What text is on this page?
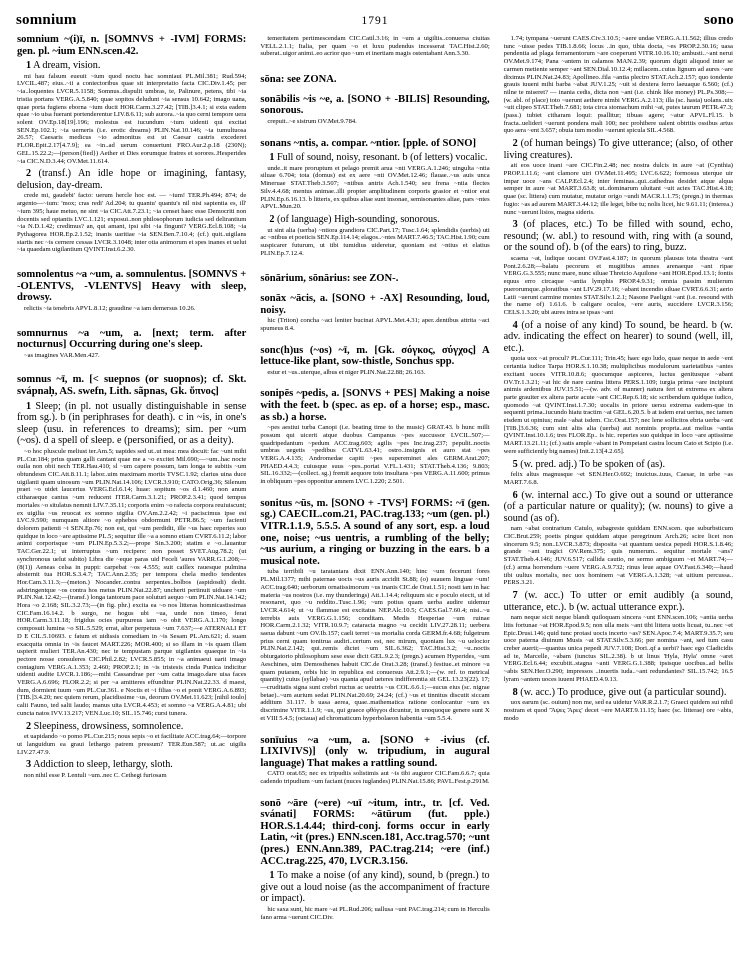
somnium	1791	sono

somnium ~(i)ī, n. [SOMNVS + -IVM] FORMS: gen. pl. ~ium ENN.scen.42.

1 A dream, vision.

mi hau falsum eueuit ~ium quod noctu hac somniaui PL.Mil.381; Rud.594; LVCIL.487; eius..~ii a coniectoribus quae sit interpretatio facta CIC.Div.1.45; per ~ia..loquentes LVCR.5.1158; Somnus..dispulit umbras, te, Palinure, petens, tibi ~ia tristia portans VERG.A.5.840; quae sopitos deludunt ~ia sensus 10.642; imago uana, quae porta fugiens eborna ~ium ducit HOR.Carm.3.27.42; [TIB.]3.4.1; si exta eadem quae ~io uisa fuerant portenderentur LIV.8.6.11; sub aurora..~ia quo cerni tempore uera solent OV.Ep.18[19].196; molestus est iucundum ~ium uidenti qui excitat SEN.Ep.102.1; ~ia uerneris (i.e. erotic dreams) PLIN.Nat.10.146; ~ia tumultuosa 26.57; Caesaris medicus ~io admonitus est ut Caesar castris excederet FLOR.Epit.2.17[4.7.9]; ea ~in..ad uerum conuertunt FRO.Aur.2.p.18 (230N); GEL.15.22.2;—(person{fied}) Aether et Dies eorumque fratres et sorores..Hesperides ~ia CIC.N.D.3.44; OV.Met.11.614.

2 (transf.) An idle hope or imagining, fantasy, delusion, day-dream.

crede mi, gaudebi' facto: uerum hercle hoc est. — ~ium! TER.Ph.494; 874; de argento—~ium: 'mox; cras redi' Ad.204; tu quantu' quantu's nil nisi sapientia es, ill' ~ium 395; haue metuo, ne sint ~ia CIC.Att.7.23.1; ~ia censet haec esse Democriti non docentis sed optantis LVC.1.121; exposui..non philosophorum iudicia sed delirantium ~ia N.D.1.42; credimus? an, qui amant, ipsi sibi ~ia fingunt? VERG.Ecl.8.108; ~ia Pythagorea HOR.Ep.2.1.52; inanis uaritiae ~ia SEN.Ben.7.10.4; (cf.) quit..uigilans startis nec ~is cernere cessas LVCR.3.1048; inter otia animorum et spes inanes et uelut ~ia quaedam uigilantium QVINT.Inst.6.2.30.

somnolentus ~a ~um, a. somnulentus. [SOMNVS + -OLENTVS, -VLENTVS] Heavy with sleep, drowsy.

relictis ~ia tenebris APVL.8.12; graudine ~a iam demersus 10.26.

somnurnus ~a ~um, a. [next; term. after nocturnus] Occurring during one's sleep.

~as imagines VAR.Men.427.

somnus ~ī, m. [< suepnos (or suopnos); cf. Skt. svápnaḥ, AS. swefn, Lith. sãpnas, Gk. ὕπνος]

1 Sleep; (in pl. not usually distinguishable in sense from sg.). b (in periphrases for death). c in ~is, in one's sleep (usu. in references to dreams); sim. per ~um (~os). d a spell of sleep. e (personified, or as a deity).

~o hoc pluscule meliust ter.Am.5; uapides sed ut..ut mea: mea docuit: fac ~unt mihi PL.Cur.184; prius quam galli cantant quae me a ~o excitet Mil.690;—~um..hac nocte ouila non obii nech TER.Hau.410; sl ~um capere possum, tam longa te subitis ~um obtundesm CIC.Att.8.11.1; labor..uim maximam mortis TVSC.1.92; clarius uina duce uigilanti quam uinosum ~um PLIN.Nat.14.106; LVCR.3.910; CATO.Orig.36; Silenum praet ~o uidet laucerius VERG.Ecl.6.14; huae: sopitum ~os d.1.460; non anum citharaeque cantus ~um reducent ITER.Carm.3.1.21; PROP.2.3.41; quod tempus mortales ~o situlatus nemnit LIV.7.35.11; corporis enim ~o rafecta corpora reuiuiscunt; ex uigilia ~us reuocat ex somno uigilia OV.Am.2.2.42; ~i paciscimus ipse est LVC.9.590; numquam altiore ~o ephebos obdormunt PETR.86.5; ~um facienti dolorem patienti ~i SEN.Ep.76; non est, qui ~um perdidit, ille ~us haec reperies suo quidque in loco ~are aptissime PL.5; sequitur ille ~a a somno etiam CVRT.6.11.2; labor animi corporisque ~um PLIN.Ep.5.3.2;—prope Sin.3.200; statim e ~o..lauantur TAC.Ger.22.1; ut interruptus ~um recipere: non posset SVET.Aug.78.2; (ut synchronous uelut subito) Libra die ~eque paras uid Feceli 'aures VARR.G.1.208;—(8(1)) Aeneas celsa in puppi: carpebat ~os 4.555; suit caillex rauesque pulmina absternit tua HOR.S.3.4.7; TAC.Ann.2.35; per tempora chela medio tendentes Hor.Cam.3.11.3;—(meton.) Nocander..contra serpentes..bolbos (aspidosdi) dedit. adstringentque ~os contra hos metus PLIN.Nat.22.87; uncherti pertinuit uiduare ~um PLIN.Nat.12.42;—(transf.) longa tantorum pace soluturi aequo ~um PLIN.Nat.14.142; Hora ~o 2.168; SIL.3.2.73;—(in fig. phr.) excita ea ~o nos litteras homnicastissimas CIC.Fam.16.14.2. b surgo, ne hogus ubi ~ua, unde non timeo, ferat HOR.Carm.3.11.18; frigidus ocies purpureus iam ~o obit VERG.A.1.170; longo composuit lumina ~o SIL.5.529; errat, alter perpetuus ~um 7.637;—e ATERNALI ET D E CIL.5.10693. c fatum et uidissis comediam in ~is Sesam PL.Am.621; d. suam exacquita omnia in ~is faucet MART.226; MOR.400; si so illam in ~is quam illam uspierit mulieri TER.An.430; nec te tempustam parque uigilantes quaeque in ~is pectore nosse consuleres CIC.Phil.2.82; LVCR.5.855; in ~a animaeui uarii imago contagium VERG.A.1.353; 2.460; PROP.2.1; in ~is tristesis cinda Punica indicitur uidenti audite LVCR.1.186;—mihi Cassandrae per ~um catta imago.dare uisa faces VERG.A.6.696; FLOR.2.2; si per ~a amitteres effunditur PLIN.Nat.22.33. d maest, dum, dormient tuum ~um PL.Cur.361. e Noctis et ~i filias ~o ei ponit VERG.A.6.893; [TIB.]3.4.20; nec quiem rerum, placidissime ~us, deorum OV.Met.11.623; [nihil ioulo] calii Fauno, ted salii laudo; manus uita LVCR.4.453; et somno ~a VERG.A.4.81; ubi cuncta natos IVV.13.217; VEN.Luc.10; SIL.15.746; cursi tunera.

2 Sleepiness, drowsiness, somnolence.

et uapidando ~o pomo PL.Cur.215; nous sepis ~o et facilitate ACC.trag.64;—torpore ut languidum ea graui lethargo patrem pressum? TER.Eun.587; ut..ac uigilis LIV.27.47.9.

3 Addiction to sleep, lethargy, sloth.

non nihil esse P. Lentuli ~um..nec C. Cethegi furiosam

temeritatem pertimescendam CIC.Catil.3.16; in ~um a uigiliis..conuersa ciuitas VELL.2.1.1; Italia, per quam ~o et luxu pudendus incesserat TAC.Hist.2.60; suberat..uigor animi..eo acrior quo ~um et inertiam magis ostentabant Ann.3.30.

sōna: see ZONA.

sonābilis ~is ~e, a. [SONO + -BILIS] Resounding, sonorous.

crepuit..~e sistrum OV.Met.9.784.

sonans ~ntis, a. compar. ~ntior. [pple. of SONO]

1 Full of sound, noisy, resonant. b (of letters) vocalic.

unde..it mare proruptum et pelago premit arua ~nti VERG.A.1.246; uingulta ~ntia siluae 6.704; tota (domus) est ex aere ~nti OV.Met.12.46; flauae..~us auis unca Mineruae STAT.Theb.3.507; ~ntibus antris Ach.1.540; seu frena ~ntia flectes Silv.4.4.68; mentus animae..illi propter amplitudinem corporis grasior et ~ntior erat PLIN.Ep.6.16.13. b litteris, ex quibus aliae sunt insonae, semisonantes aliae, pars ~ntes APVL.Mun.20.

2 (of language) High-sounding, sonorous.

ut sint alia (uerba) ~ntiora grandiora CIC.Part.17; Tusc.1.64; splendidis (uerbis) uti ac ~ntibus et poeticis SEN.Ep.114.14; elagos..~ntes MART.7.46.5; TAC.Hist.1.90; cum suspicarer futurum, ut tibi tumidius uideretur, quoniam est ~ntius et elatius PLIN.Ep.7.12.4.

sōnārium, sōnārius: see ZON-.

sonāx ~ācis, a. [SONO + -AX] Resounding, loud, noisy.

hic (Triton) concha ~aci leniter bucinat APVL.Met.4.31; aper..dentibus attrita ~aci spumeus 8.4.

sonc(h)us (~os) ~ī, m. [Gk. σόγκος, σύγχος] A lettuce-like plant, sow-thistle, Sonchus spp.

estur et ~us..uterque, albus et niger PLIN.Nat.22.88; 26.163.

sonipēs ~pedis, a. [SONVS + PES] Making a noise with the feet. b (spec. as ep. of a horse; esp., masc. as sb.) a horse.

~pes aestiui turba Canopi (i.e. beating time to the music) GRAT.43. b hunc milli possum qui uicerit atque duobus Campanus ~pes succussor LVCIL.507;—quadripedantum ~pedum ACC.trag.603; agilis ~pes Inc.trag.237; pepulit..noctis umbras uegetis ~pedibus CATVL.63.41; ostro..insignis et auro stat ~pes VERG.A.4.135; Andromedae capiti ~pes supereminet ales GERM.Arat.207; PHAED.4.4.3; cuiusque suus ~pes..portat V.FL.1.431; STAT.Theb.4.136; 9.803; SIL.16.332;—(collect. sg.) fremit aequore toto insultans ~pes VERG.A.11.600; primus in obliquum ~pes opponitur amnem LVC.1.220; 2.501.

sonitus ~ūs, m. [SONO + -TVS³] FORMS: ~ī (gen. sg.) CAECIL.com.21, PAC.trag.133; ~um (gen. pl.) VITR.1.1.9, 5.5.5. A sound of any sort, esp. a loud one, noise; ~us uentris, a rumbling of the belly; ~us aurium, a ringing or buzzing in the ears. b a musical note.

tuba terribili ~u taratantara dixit ENN.Ann.140; hinc ~um fecerunt fores PL.Mil.1377; mihi paternae uocis ~us auris accidit St.88; (o) suauem linguae ~um! ACC.trag.640; uerborum ornatissimorum ~us inanis CIC.de Orat.1.51; nosti iam in hac materia ~us nostros (i.e. my thunderings) Att.1.14.4; reliquum sic e poculo eiecit, ut id resonaret, quo ~u reddito..Tusc.1.96; ~um potius quam uerba audire uidemur LVCR.4.614; ut ~u flammae est excitatus NEP.Alc.10.5; CAES.Gal.7.60.4; nisi..~u terrebis auis VERG.G.1.156; conditam. Medis Hesperiae ~um ruinae HOR.Carm.2.1.32; VITR.10.9.7; cataracta magno ~u cecidit LIV.27.28.11; uerbera saeua dabunt ~um OV.Ib.157; caeli terret ~us mortalia corda GERM.fr.4.68; fulgetrum prius cerni quam tonitrua audiri..certum est, nec mirum, quoniam lux ~u uelocior PLIN.Nat.2.142; qui..remis dictet ~um SIL.6.362; TAC.Hist.3.2; ~u..noctis obiurgatorio philosophum sese esse dicit GEL.9.2.3; (pregn.) acumen Hyperides, ~um Aeschines, uim Demosthenes habuit CIC.de Orat.3.28; (transf.) festiue..et minore ~u quam putaram, orbis hic in republica est conuersus Att.2.9.1;—(w. ref. to metrical quantity) cuius (syllabae) ~us quanta apud ueteres indifferentia sit GEL.13.23(22). 17;—cruditatis signa sunt crebri ructus ac ueutris ~us COL.6.6.1;—sucus eius (sc. nigrae betae)..~um aurium sedat PLIN.Nat.20.69; 24.24; (cf.) ~us et tinnitus discutit siccam additum 31.117. b uasa aerea, quae..mathematica ratione conlocantur ~um ex discrimine VITR.1.1.9; ~us, qui graece φθόγγοι dicuntur, in unoquoque genere sunt X et VIII 5.4.5; (octaua) ad chromaticum hyperbolaeon habentia ~um 5.5.4.

sonīuius ~a ~um, a. [SONO + -ivius (cf. LIXIVIVS)] (only w. tripudium, in augural language) That makes a rattling sound.

CATO orat.65; nec ex tripudiis solistimis aut ~is tibi auguror CIC.Fam.6.6.7; quia cadendo tripudium ~um faciant (nuces iuglandes) PLIN.Nat.15.86; PAVL.Fest.p.291M.

sonō ~āre (~ere) ~uī ~itum, intr., tr. [cf. Ved. svánati] FORMS: ~ātūrum (fut. pple.) HOR.S.1.4.44; third-conj. forms occur in early Latin, ~it (pres.) ENN.scen.181, Acc.trag.570; ~unt (pres.) ENN.Ann.389, PAC.trag.214; ~ere (inf.) ACC.trag.225, 470, LVCR.3.156.

1 To make a noise (of any kind), sound, b (pregn.) to give out a loud noise (as the accompaniment of fracture or impact).

hic saxa sunt, hic mare ~at PL.Rud.206; uallusa ~unt PAC.trag.214; cum in Herculis fano arma ~uerunt CIC.Div.

1.74; tympana ~uerunt CAES.Civ.3.10.5; ~aere undae VERG.A.11.562; illius credo tunc ~uisse pedes TIB.1.8.66; locus ..in quo, tibia docta, ~es PROP.2.30.16; uasa pendentia ad plaga ferramentorum ~are coeperunt VITR.10.16.10; ambusti..~ant nerui OV.Met.9.174; Pana ~antem in calamos MAN.2.39; quorum digiti aliquod inter se carmen metiente semper ~ant SEN.Dial.10.12.4; millacem..cuius lignum ad aures ~are diximus PLIN.Nat.24.83; Apollineo..fila ~antia plectro STAT.Ach.2.157; quo tondente grauis iuueni mihi barba ~abat JUV.1.25; ~uit si dextera ferro laeuaque 6.560; (cf.) nilne te miseret? — inania cedis, dicta non ~ant (i.e. chink like money) PL.Ps.308;—(w. abl. of place) toto ~uerunt aethere nimbi VERG.A.2.113; illa (sc. hasta) uolans..uix ~uit clipeo STAT.Theb.7.681; tota circa stomachum mihi ~at, putes taurum PETR.47.3; (pass.) tubiet citharam loqui: psallitur; tibuas agere; ~atur APVL.Fl.15. b fracta..uelideri ~uerunt pondera mali 100; nec prohibere ualent obtritis ossibus artus quo aera ~ent 3.657; obuia tum modio ~uerunt spicula SIL.4.568.

2 (of human beings) To give utterance; (also, of other living creatures).

ait eos uoce inani ~are CIC.Fin.2.48; nec nostra dulcis in aure ~at (Cynthia) PROP.1.11.6; ~ant clamore uiri OV.Met.11.495; LVC.6.622; formosus uterque uir impar uoce ~ans CALP.Ecl.2.4; inter feminas..qui..cathedras desidet atque alqua semper in aure ~at MART.3.63.8; ut..dominarum uluitant ~uit acies TAC.Hist.4.18; quae (sc. littera) cum mutatur, mutatur origo ~undi MACR.1.1.75; (pregn.) in thermas fugio: ~as ad aurem MART.3.44.12; ille leget, bibe tu; nolis licet, hic 9.61.11; (interea.) nunc ~uerunt lisios, magna sideris.

3 (of places, etc.) To be filled with sound, echo, resound; (w. abl.) to resound with, ring with (a sound, or the sound of). b (of the ears) to ring, buzz.

scaena ~at, ludique uocant OV.Fast.4.187; in quorum plausus tota theatra ~ant Pont.2.6.28;—balatu pecorum et mugitibus amnes arenaeque ~ant ripae VERG.G.3.555; nunc mare, nunc siluae Threicio Aquilone ~ant HOR.Epod.13.1; fontis equus erro circaque ~antia lymphis PROP.4.9.31; omnia passim mulierum puerorumque..ploratibus ~ant LIV.29.17.16; ~abant incendio siluae CVRT.6.6.31; aerio Latii ~uerunt carmine montes STAT.Silv.1.2.1; Nasone Paeligni ~ant (i.e. resound with the name of) 1.61.6. b caligare oculos, ~ere auris, succidere LVCR.3.156; CELS.1.3.20; ubi aures intra se ipsas ~ant

4 (of a noise of any kind) To sound, be heard. b (w. adv. indicating the effect on hearer) to sound (well, ill, etc.).

quoia uox ~at procul? PL.Cur.111; Trin.45; haec ego ludo, quae neque in aede ~ent certantia iudice Tarpa HOR.S.1.10.38; multiplicibus modulorum uarietatibus ~antes excitant uoces VITR.10.8.6; quocumque aspiceres, luctus genitusque ~abant OV.Tr.1.3.21; ~at hic de nare canina littera PERS.1.109; iurgia prima ~are incipiunt animis ardentibus JUV.15.51;—(w. adv. of manner) natura fert ut extrema ex altera parte grauiter ex altera parte acute ~ant CIC.Rep.6.18; sic scribendum quidque iudico, quomodo ~at QVINT.Inst.1.7.30; uocalis in priore uersu extrema eadem-que in sequenti prima..iucundo hiatu tractim ~at GEL.6.20.5. b at isdem erat uerius, nec tamen eisdem ut opinius; male ~abat isdem. Cic.Orat.157; nec lene sollicitos ebria uerba ~ant [TIB.]3.6.36; cum sint aliis alia (uerba) aut nominis propria..aut melius ~antia QVINT.Inst.10.1.6; tres FLOR.Ep.. is hic. reperies suo quidque in loco ~are aptissime MART.13.21.11; (cf.) satis ample ~abant in Pompeiani castra locum Cato et Scipio (i.e. were sufficiently big names) Init.2.13[4.2.65].

5 (w. pred. adj.) To be spoken of (as).

felix altus magnusque ~et SEN.Her.O.692; inuictus..tuus, Caesar, in urbe ~as MART.7.6.8.

6 (w. internal acc.) To give out a sound or utterance (of a particular nature or quality); (w. nouns) to give a sound (as of).

nam ~abat contrarium Catulo, subagreste quiddam ENN.scen. que suburbsticum CIC.Brut.259; poetis pingue quiddam atque peregrinum Arch.26; scire licet non sincerum 9.5; non..LVCR.3.873; disposita ~at quantum uesica pepedi HOR.S.1.8.46; grande ~ant tragici OV.Rem.375; quis numerum.. sequitur mortale ~ans? STAT.Theb.4.146; JUV.6.517; callida cautio, ne sermo ambiguum ~et MART.74;—(cf.) arma horrendum ~uere VERG.A.9.732; rinus leue aquae OV.Fast.6.340;—haud tibi uultus mortalis, nec uox hominem ~at VERG.A.1.328; ~at uitium percussa.. PERS.3.21.

7 (w. acc.) To utter or emit audibly (a sound, utterance, etc.). b (w. actual utterance expr.).

nam neque sicit neque blandi quiloquam sincera ~unt ENN.scen.106; ~antia uerba litis fortunae ~at HOR.Epod.9.5; non ulla meis ~ant tibi littera uotis licuat, tu..nec ~et Epic.Drusi.146; quid tunc protasi uocis incerto ~as? SEN.Apoc.7.4; MART.9.35.7; seu uoce paterna diuinum Musis ~at STAT.Silv.5.3.66; per nomina ~ant, sed tum casu creber auerti;—quantus unica pepedi JUV.7.108; Dori..qf a uerbi? haec ego Cladicidis ad te, Marcelle, ~abam (iunctus SIL.2.38). b ut linus 'Hyla, Hyla' omne ~aret VERG.Ecl.6.44; excubiit..stagna ~anti VERG.G.1.388; ipsisque uocibus..ad bellis ~abis SEN.Her.O.290; impressos ..inuertis iuda..~ant redundantes? SIL.15.742; 16.5 lyram ~antem uoces iuueni PHAED.4.9.13.

8 (w. acc.) To produce, give out (a particular sound).

uox earum (sc. ouium) non me, sed ea uidetur VAR.R.2.1.7; Graeci quidem sui nihil nostram et quod 'Ἄψες Ἄρες' decet ~ere MART.9.11.15; haec (sc. litterae) ore ~abis, modo
